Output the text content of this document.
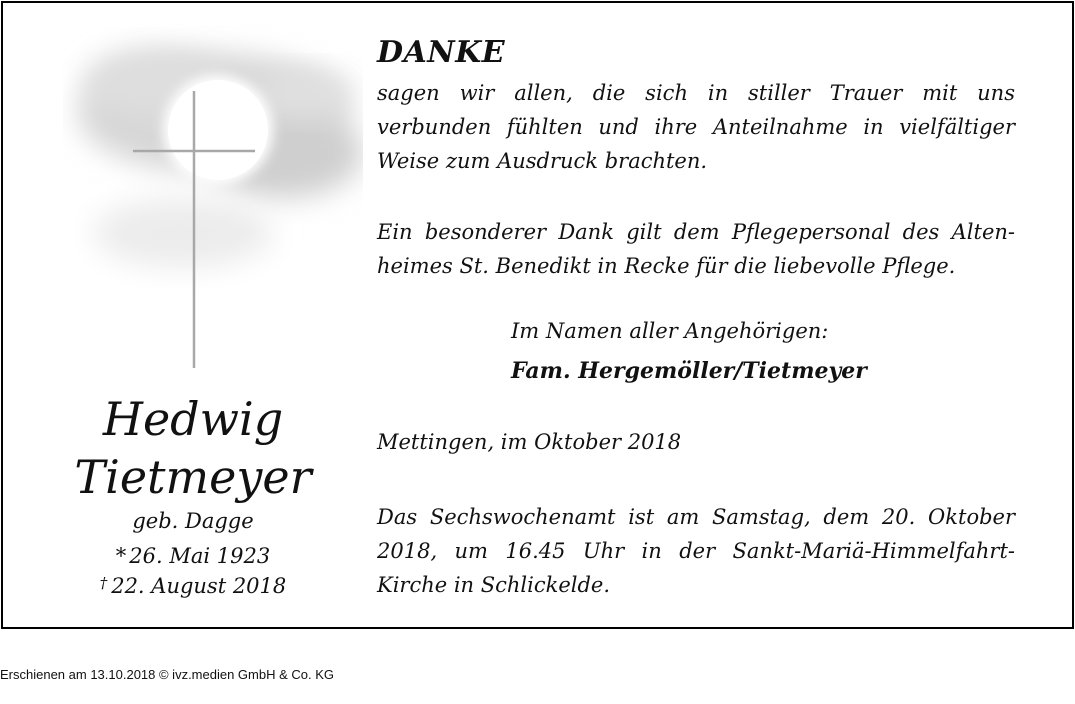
Hedwig
Tietmeyer
geb. Dagge
* 26. Mai 1923
† 22. August 2018
DANKE
sagen wir allen, die sich in stiller Trauer mit uns verbunden fühlten und ihre Anteilnahme in vielfältiger Weise zum Ausdruck brachten.
Ein besonderer Dank gilt dem Pflegepersonal des Alten-heimes St. Benedikt in Recke für die liebevolle Pflege.
Im Namen aller Angehörigen:
Fam. Hergemöller/Tietmeyer
Mettingen, im Oktober 2018
Das Sechswochenamt ist am Samstag, dem 20. Oktober 2018, um 16.45 Uhr in der Sankt-Mariä-Himmelfahrt-Kirche in Schlickelde.
Erschienen am 13.10.2018 © ivz.medien GmbH & Co. KG
